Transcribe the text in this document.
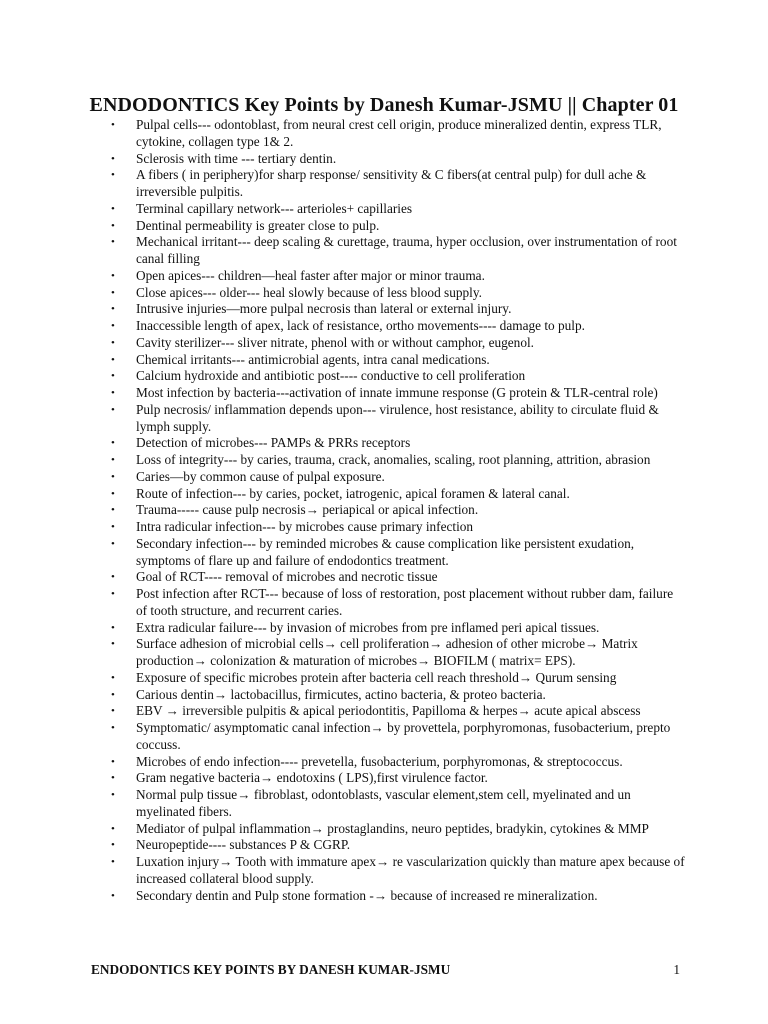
ENDODONTICS Key Points by Danesh Kumar-JSMU || Chapter 01
• Pulpal cells--- odontoblast, from neural crest cell origin, produce mineralized dentin, express TLR, cytokine, collagen type 1& 2.
• Sclerosis with time --- tertiary dentin.
• A fibers ( in periphery)for sharp response/ sensitivity & C fibers(at central pulp) for dull ache & irreversible pulpitis.
• Terminal capillary network--- arterioles+ capillaries
• Dentinal permeability is greater close to pulp.
• Mechanical irritant--- deep scaling & curettage, trauma, hyper occlusion, over instrumentation of root canal filling
• Open apices--- children—heal faster after major or minor trauma.
• Close apices--- older--- heal slowly because of less blood supply.
• Intrusive injuries—more pulpal necrosis than lateral or external injury.
• Inaccessible length of apex, lack of resistance, ortho movements---- damage to pulp.
• Cavity sterilizer--- sliver nitrate, phenol with or without camphor, eugenol.
• Chemical irritants--- antimicrobial agents, intra canal medications.
• Calcium hydroxide and antibiotic post---- conductive to cell proliferation
• Most infection by bacteria---activation of innate immune response (G protein & TLR-central role)
• Pulp necrosis/ inflammation depends upon--- virulence, host resistance, ability to circulate fluid & lymph supply.
• Detection of microbes--- PAMPs & PRRs receptors
• Loss of integrity--- by caries, trauma, crack, anomalies, scaling, root planning, attrition, abrasion
• Caries—by common cause of pulpal exposure.
• Route of infection--- by caries, pocket, iatrogenic, apical foramen & lateral canal.
• Trauma----- cause pulp necrosis→ periapical or apical infection.
• Intra radicular infection--- by microbes cause primary infection
• Secondary infection--- by reminded microbes & cause complication like persistent exudation, symptoms of flare up and failure of endodontics treatment.
• Goal of RCT---- removal of microbes and necrotic tissue
• Post infection after RCT--- because of loss of restoration, post placement without rubber dam, failure of tooth structure, and recurrent caries.
• Extra radicular failure--- by invasion of microbes from pre inflamed peri apical tissues.
• Surface adhesion of microbial cells→ cell proliferation→ adhesion of other microbe→ Matrix production→ colonization & maturation of microbes→ BIOFILM ( matrix= EPS).
• Exposure of specific microbes protein after bacteria cell reach threshold→ Qurum sensing
• Carious dentin→ lactobacillus, firmicutes, actino bacteria, & proteo bacteria.
• EBV → irreversible pulpitis & apical periodontitis, Papilloma & herpes→ acute apical abscess
• Symptomatic/ asymptomatic canal infection→ by provettela, porphyromonas, fusobacterium, prepto coccuss.
• Microbes of endo infection---- prevetella, fusobacterium, porphyromonas, & streptococcus.
• Gram negative bacteria→ endotoxins ( LPS),first virulence factor.
• Normal pulp tissue→ fibroblast, odontoblasts, vascular element,stem cell, myelinated and un myelinated fibers.
• Mediator of pulpal inflammation→ prostaglandins, neuro peptides, bradykin, cytokines & MMP
• Neuropeptide---- substances P & CGRP.
• Luxation injury→ Tooth with immature apex→ re vascularization quickly than mature apex because of increased collateral blood supply.
• Secondary dentin and Pulp stone formation -→ because of increased re mineralization.
ENDODONTICS KEY POINTS BY DANESH KUMAR-JSMU	1
